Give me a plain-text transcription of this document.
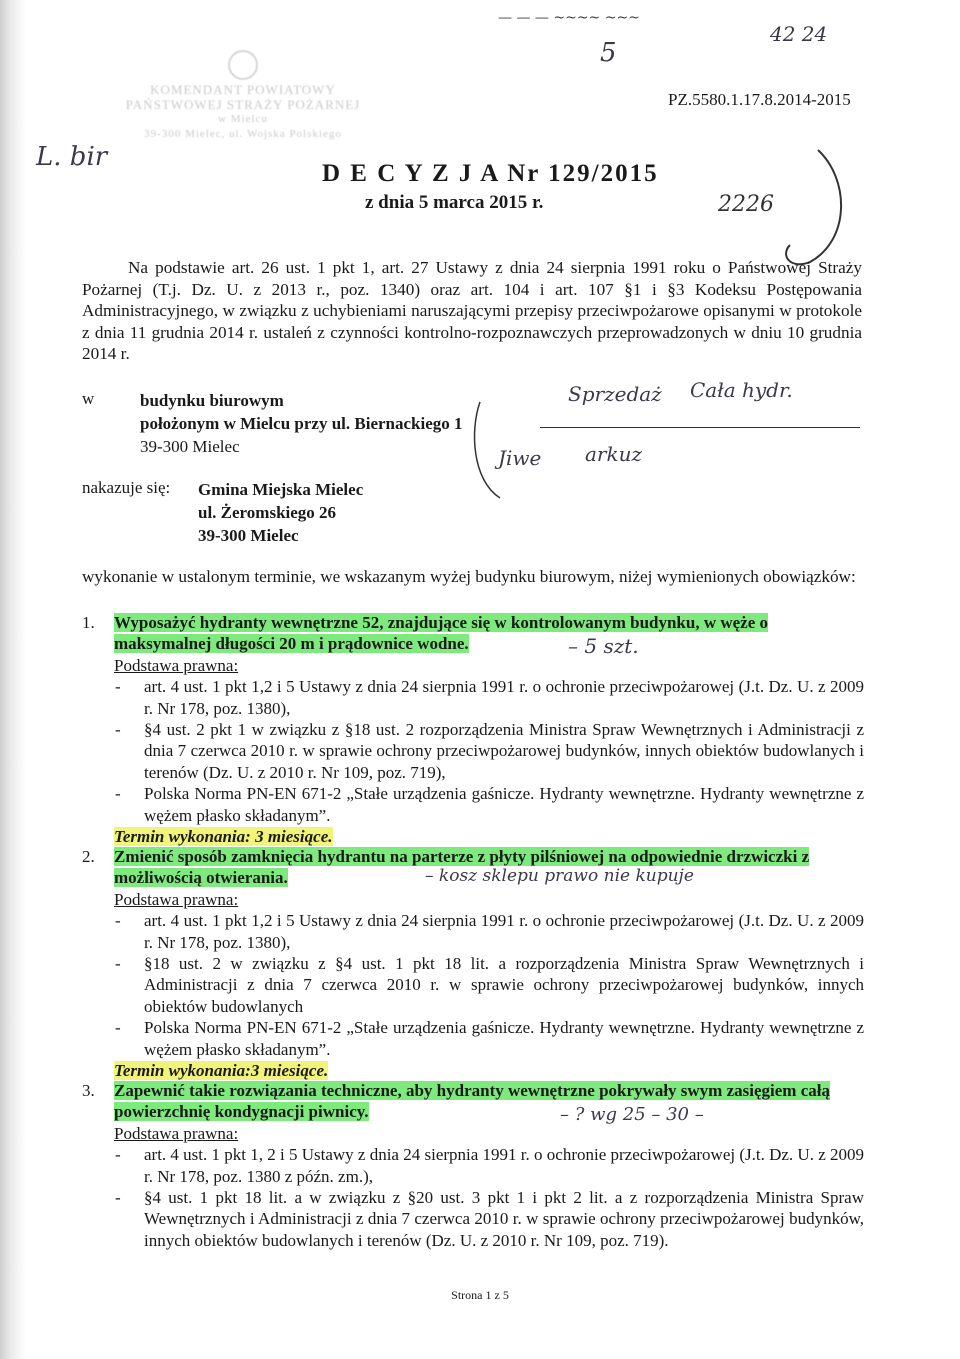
KOMENDANT POWIATOWY
PAŃSTWOWEJ STRAŻY POŻARNEJ
w Mielcu
39-300 Mielec, ul. Wojska Polskiego
— — — ~~~~ ~~~
42 24
5
L. bir
PZ.5580.1.17.8.2014-2015
D E C Y Z J A Nr 129/2015
z dnia 5 marca 2015 r.	2226
Na podstawie art. 26 ust. 1 pkt 1, art. 27 Ustawy z dnia 24 sierpnia 1991 roku o Państwowej Straży Pożarnej (T.j. Dz. U. z 2013 r., poz. 1340) oraz art. 104 i art. 107 §1 i §3 Kodeksu Postępowania Administracyjnego, w związku z uchybieniami naruszającymi przepisy przeciwpożarowe opisanymi w protokole z dnia 11 grudnia 2014 r. ustaleń z czynności kontrolno-rozpoznawczych przeprowadzonych w dniu 10 grudnia 2014 r.
w	budynku biurowym
położonym w Mielcu przy ul. Biernackiego 1
39-300 Mielec
Sprzedaż Cała hydr.
Jiwe arkuz
nakazuje się: Gmina Miejska Mielec
ul. Żeromskiego 26
39-300 Mielec
wykonanie w ustalonym terminie, we wskazanym wyżej budynku biurowym, niżej wymienionych obowiązków:
1.	Wyposażyć hydranty wewnętrzne 52, znajdujące się w kontrolowanym budynku, w węże o maksymalnej długości 20 m i prądownice wodne.
Podstawa prawna:
- art. 4 ust. 1 pkt 1,2 i 5 Ustawy z dnia 24 sierpnia 1991 r. o ochronie przeciwpożarowej (J.t. Dz. U. z 2009 r. Nr 178, poz. 1380),
- §4 ust. 2 pkt 1 w związku z §18 ust. 2 rozporządzenia Ministra Spraw Wewnętrznych i Administracji z dnia 7 czerwca 2010 r. w sprawie ochrony przeciwpożarowej budynków, innych obiektów budowlanych i terenów (Dz. U. z 2010 r. Nr 109, poz. 719),
- Polska Norma PN-EN 671-2 „Stałe urządzenia gaśnicze. Hydranty wewnętrzne. Hydranty wewnętrzne z wężem płasko składanym”.
Termin wykonania: 3 miesiące.
– 5 szt.
2.	Zmienić sposób zamknięcia hydrantu na parterze z płyty pilśniowej na odpowiednie drzwiczki z możliwością otwierania.
Podstawa prawna:
- art. 4 ust. 1 pkt 1,2 i 5 Ustawy z dnia 24 sierpnia 1991 r. o ochronie przeciwpożarowej (J.t. Dz. U. z 2009 r. Nr 178, poz. 1380),
- §18 ust. 2 w związku z §4 ust. 1 pkt 18 lit. a rozporządzenia Ministra Spraw Wewnętrznych i Administracji z dnia 7 czerwca 2010 r. w sprawie ochrony przeciwpożarowej budynków, innych obiektów budowlanych
- Polska Norma PN-EN 671-2 „Stałe urządzenia gaśnicze. Hydranty wewnętrzne. Hydranty wewnętrzne z wężem płasko składanym”.
Termin wykonania:3 miesiące.
– kosz sklepu prawo nie kupuje
3.	Zapewnić takie rozwiązania techniczne, aby hydranty wewnętrzne pokrywały swym zasięgiem całą powierzchnię kondygnacji piwnicy.
Podstawa prawna:
- art. 4 ust. 1 pkt 1, 2 i 5 Ustawy z dnia 24 sierpnia 1991 r. o ochronie przeciwpożarowej (J.t. Dz. U. z 2009 r. Nr 178, poz. 1380 z późn. zm.),
- §4 ust. 1 pkt 18 lit. a w związku z §20 ust. 3 pkt 1 i pkt 2 lit. a z rozporządzenia Ministra Spraw Wewnętrznych i Administracji z dnia 7 czerwca 2010 r. w sprawie ochrony przeciwpożarowej budynków, innych obiektów budowlanych i terenów (Dz. U. z 2010 r. Nr 109, poz. 719).
– ? wg 25 – 30 –
Strona 1 z 5
